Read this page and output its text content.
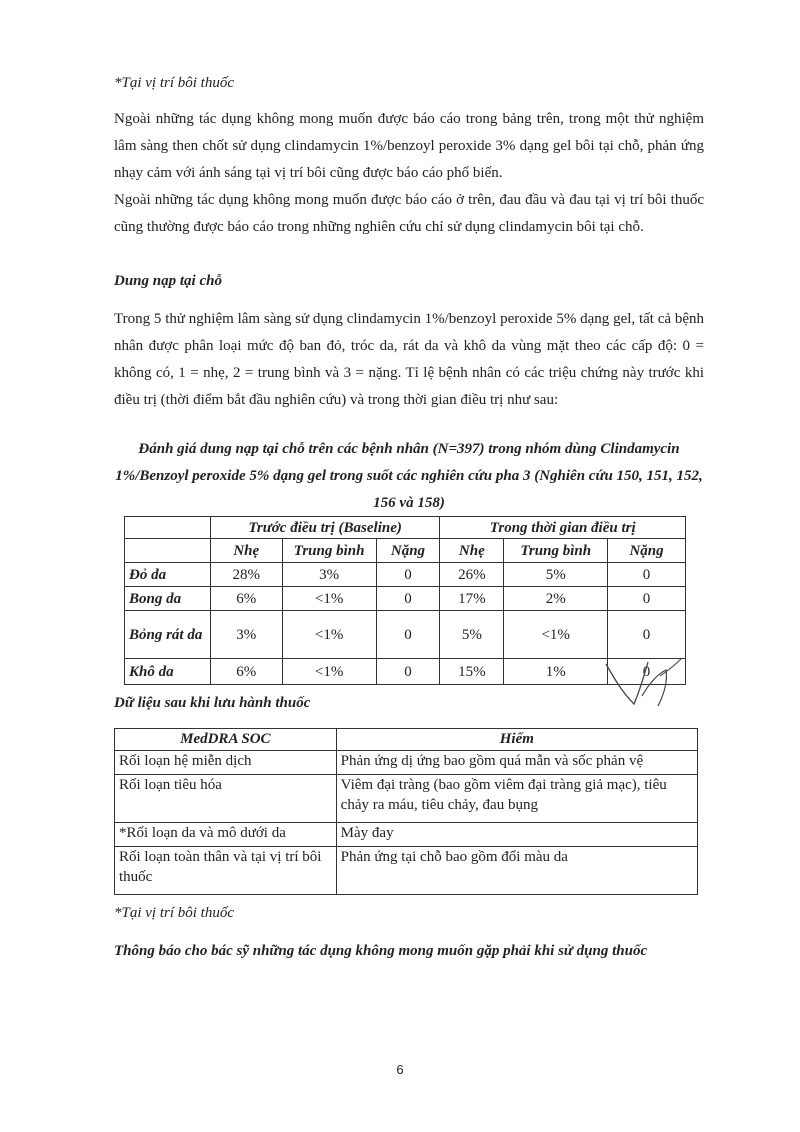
*Tại vị trí bôi thuốc

Ngoài những tác dụng không mong muốn được báo cáo trong bảng trên, trong một thử nghiệm lâm sàng then chốt sử dụng clindamycin 1%/benzoyl peroxide 3% dạng gel bôi tại chỗ, phản ứng nhạy cảm với ánh sáng tại vị trí bôi cũng được báo cáo phổ biến.

Ngoài những tác dụng không mong muốn được báo cáo ở trên, đau đầu và đau tại vị trí bôi thuốc cũng thường được báo cáo trong những nghiên cứu chỉ sử dụng clindamycin bôi tại chỗ.

Dung nạp tại chỗ

Trong 5 thử nghiệm lâm sàng sử dụng clindamycin 1%/benzoyl peroxide 5% dạng gel, tất cả bệnh nhân được phân loại mức độ ban đỏ, tróc da, rát da và khô da vùng mặt theo các cấp độ: 0 = không có, 1 = nhẹ, 2 = trung bình và 3 = nặng. Tỉ lệ bệnh nhân có các triệu chứng này trước khi điều trị (thời điểm bắt đầu nghiên cứu) và trong thời gian điều trị như sau:

Đánh giá dung nạp tại chỗ trên các bệnh nhân (N=397) trong nhóm dùng Clindamycin 1%/Benzoyl peroxide 5% dạng gel trong suốt các nghiên cứu pha 3 (Nghiên cứu 150, 151, 152, 156 và 158)

	Trước điều trị (Baseline)			Trong thời gian điều trị		
	Nhẹ	Trung bình	Nặng	Nhẹ	Trung bình	Nặng
Đỏ da	28%	3%	0	26%	5%	0
Bong da	6%	<1%	0	17%	2%	0
Bỏng rát da	3%	<1%	0	5%	<1%	0
Khô da	6%	<1%	0	15%	1%	0

Dữ liệu sau khi lưu hành thuốc

MedDRA SOC	Hiếm
Rối loạn hệ miễn dịch	Phản ứng dị ứng bao gồm quá mẫn và sốc phản vệ
Rối loạn tiêu hóa	Viêm đại tràng (bao gồm viêm đại tràng giả mạc), tiêu chảy ra máu, tiêu chảy, đau bụng
*Rối loạn da và mô dưới da	Mày đay
Rối loạn toàn thân và tại vị trí bôi thuốc	Phản ứng tại chỗ bao gồm đổi màu da

*Tại vị trí bôi thuốc

Thông báo cho bác sỹ những tác dụng không mong muốn gặp phải khi sử dụng thuốc

6
